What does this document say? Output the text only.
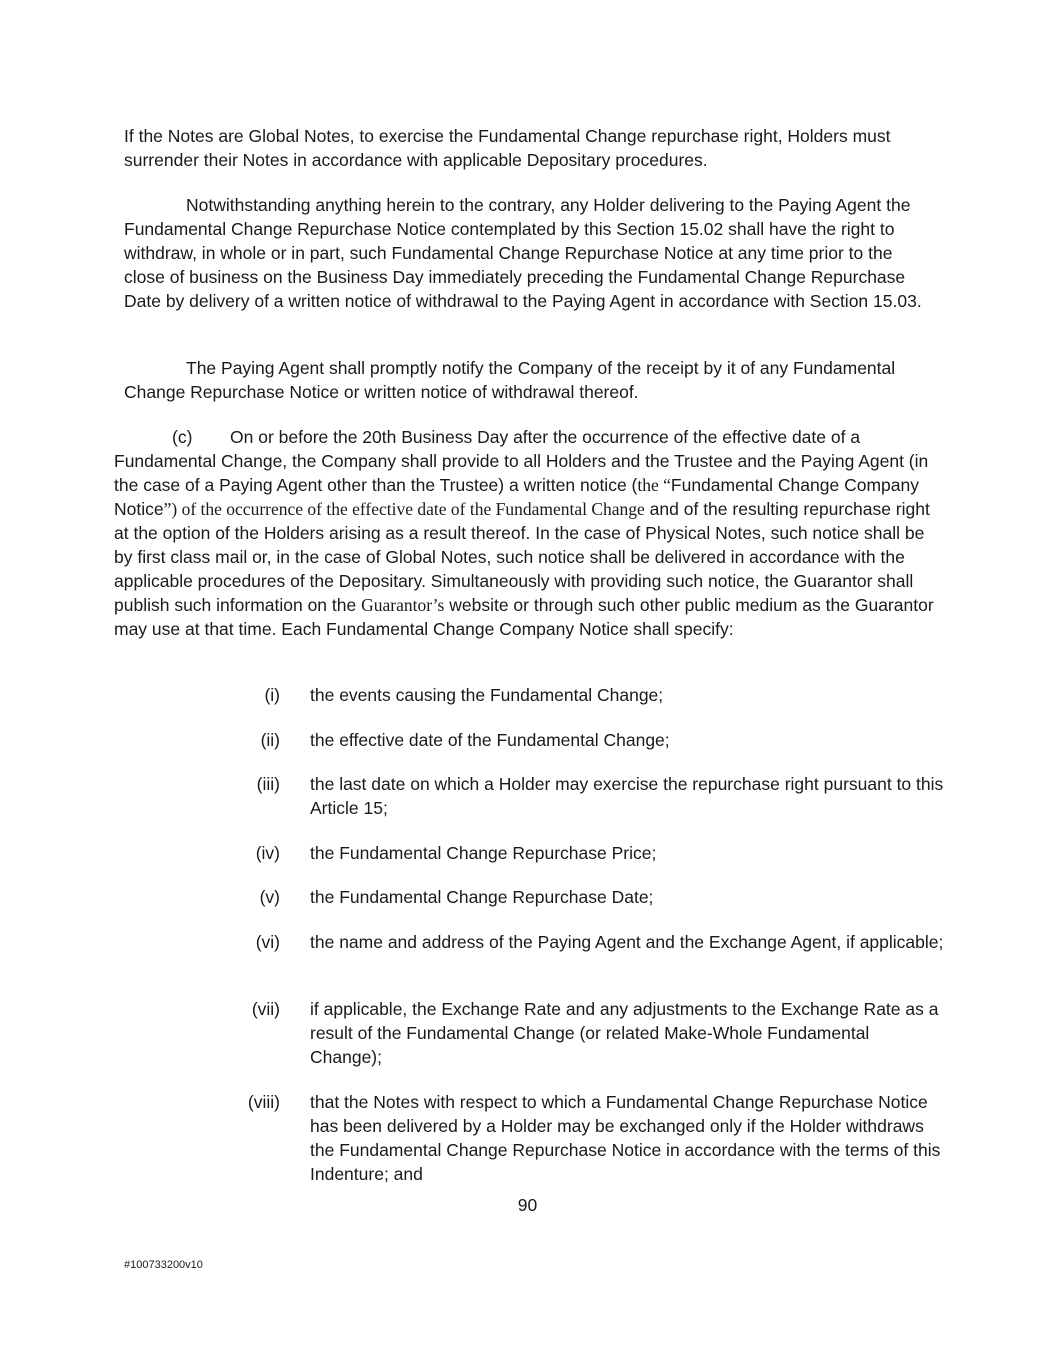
If the Notes are Global Notes, to exercise the Fundamental Change repurchase right, Holders must surrender their Notes in accordance with applicable Depositary procedures.

Notwithstanding anything herein to the contrary, any Holder delivering to the Paying Agent the Fundamental Change Repurchase Notice contemplated by this Section 15.02 shall have the right to withdraw, in whole or in part, such Fundamental Change Repurchase Notice at any time prior to the close of business on the Business Day immediately preceding the Fundamental Change Repurchase Date by delivery of a written notice of withdrawal to the Paying Agent in accordance with Section 15.03.

The Paying Agent shall promptly notify the Company of the receipt by it of any Fundamental Change Repurchase Notice or written notice of withdrawal thereof.

(c) On or before the 20th Business Day after the occurrence of the effective date of a Fundamental Change, the Company shall provide to all Holders and the Trustee and the Paying Agent (in the case of a Paying Agent other than the Trustee) a written notice (the “Fundamental Change Company Notice”) of the occurrence of the effective date of the Fundamental Change and of the resulting repurchase right at the option of the Holders arising as a result thereof. In the case of Physical Notes, such notice shall be by first class mail or, in the case of Global Notes, such notice shall be delivered in accordance with the applicable procedures of the Depositary. Simultaneously with providing such notice, the Guarantor shall publish such information on the Guarantor’s website or through such other public medium as the Guarantor may use at that time. Each Fundamental Change Company Notice shall specify:
(i)	the events causing the Fundamental Change;
(ii)	the effective date of the Fundamental Change;
(iii)	the last date on which a Holder may exercise the repurchase right pursuant to this Article 15;
(iv)	the Fundamental Change Repurchase Price;
(v)	the Fundamental Change Repurchase Date;
(vi)	the name and address of the Paying Agent and the Exchange Agent, if applicable;
(vii)	if applicable, the Exchange Rate and any adjustments to the Exchange Rate as a result of the Fundamental Change (or related Make-Whole Fundamental Change);
(viii)	that the Notes with respect to which a Fundamental Change Repurchase Notice has been delivered by a Holder may be exchanged only if the Holder withdraws the Fundamental Change Repurchase Notice in accordance with the terms of this Indenture; and
90
#100733200v10
